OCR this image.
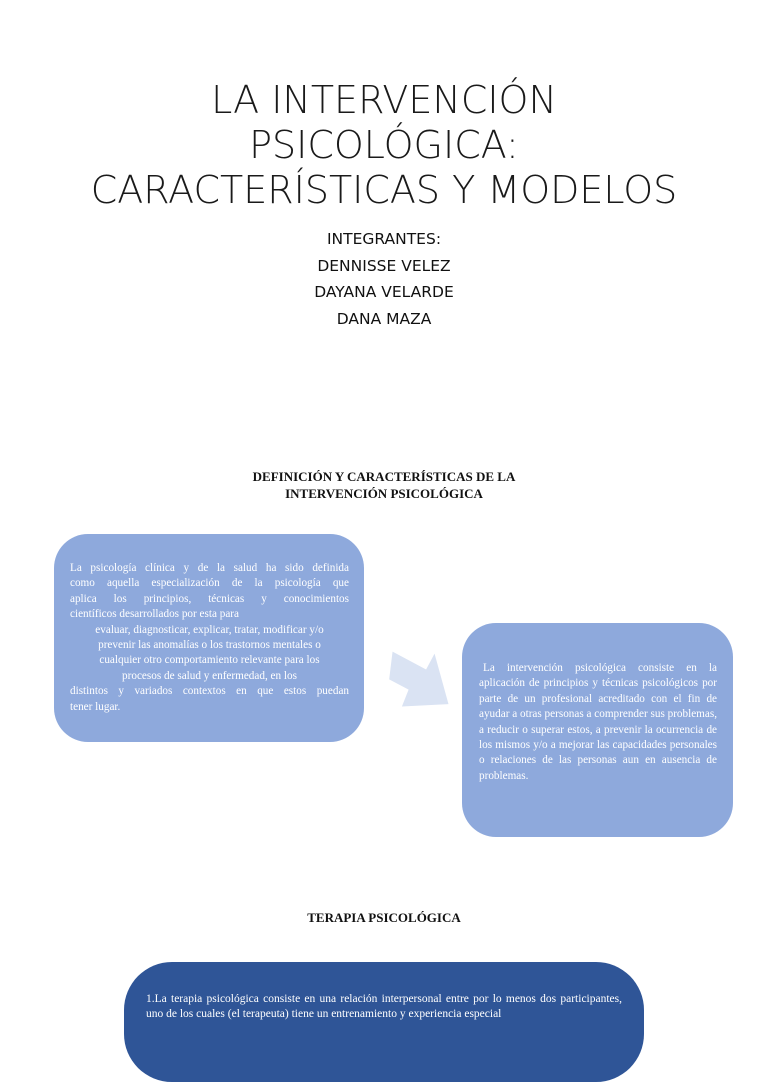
LA INTERVENCIÓN
PSICOLÓGICA:
CARACTERÍSTICAS Y MODELOS
INTEGRANTES:
DENNISSE VELEZ
DAYANA VELARDE
DANA MAZA
DEFINICIÓN Y CARACTERÍSTICAS DE LA
INTERVENCIÓN PSICOLÓGICA
La psicología clínica y de la salud ha sido definida
como aquella especialización de la psicología que
aplica los principios, técnicas y conocimientos
científicos desarrollados por esta para
evaluar, diagnosticar, explicar, tratar, modificar y/o
prevenir las anomalías o los trastornos mentales o
cualquier otro comportamiento relevante para los
procesos de salud y enfermedad, en los
distintos y variados contextos en que estos puedan
tener lugar.
La intervención psicológica consiste en la aplicación de principios y técnicas psicológicos por parte de un profesional acreditado con el fin de ayudar a otras personas a comprender sus problemas, a reducir o superar estos, a prevenir la ocurrencia de los mismos y/o a mejorar las capacidades personales o relaciones de las personas aun en ausencia de problemas.
TERAPIA PSICOLÓGICA
1.La terapia psicológica consiste en una relación interpersonal entre por lo menos dos participantes, uno de los cuales (el terapeuta) tiene un entrenamiento y experiencia especial
